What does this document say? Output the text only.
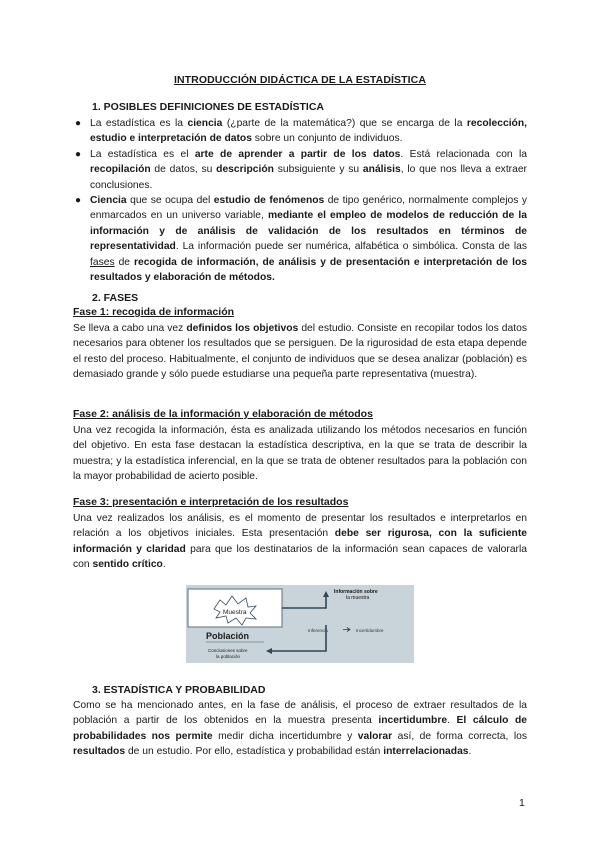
INTRODUCCIÓN DIDÁCTICA DE LA ESTADÍSTICA
1. POSIBLES DEFINICIONES DE ESTADÍSTICA
● La estadística es la ciencia (¿parte de la matemática?) que se encarga de la recolección, estudio e interpretación de datos sobre un conjunto de individuos.
● La estadística es el arte de aprender a partir de los datos. Está relacionada con la recopilación de datos, su descripción subsiguiente y su análisis, lo que nos lleva a extraer conclusiones.
● Ciencia que se ocupa del estudio de fenómenos de tipo genérico, normalmente complejos y enmarcados en un universo variable, mediante el empleo de modelos de reducción de la información y de análisis de validación de los resultados en términos de representatividad. La información puede ser numérica, alfabética o simbólica. Consta de las fases de recogida de información, de análisis y de presentación e interpretación de los resultados y elaboración de métodos.
2. FASES
Fase 1: recogida de información
Se lleva a cabo una vez definidos los objetivos del estudio. Consiste en recopilar todos los datos necesarios para obtener los resultados que se persiguen. De la rigurosidad de esta etapa depende el resto del proceso. Habitualmente, el conjunto de individuos que se desea analizar (población) es demasiado grande y sólo puede estudiarse una pequeña parte representativa (muestra).
Fase 2: análisis de la información y elaboración de métodos
Una vez recogida la información, ésta es analizada utilizando los métodos necesarios en función del objetivo. En esta fase destacan la estadística descriptiva, en la que se trata de describir la muestra; y la estadística inferencial, en la que se trata de obtener resultados para la población con la mayor probabilidad de acierto posible.
Fase 3: presentación e interpretación de los resultados
Una vez realizados los análisis, es el momento de presentar los resultados e interpretarlos en relación a los objetivos iniciales. Esta presentación debe ser rigurosa, con la suficiente información y claridad para que los destinatarios de la información sean capaces de valorarla con sentido crítico.
Muestra
Información sobre
la muestra
Inferencia	Incertidumbre
Población
Conclusiones sobre
la población
3. ESTADÍSTICA Y PROBABILIDAD
Como se ha mencionado antes, en la fase de análisis, el proceso de extraer resultados de la población a partir de los obtenidos en la muestra presenta incertidumbre. El cálculo de probabilidades nos permite medir dicha incertidumbre y valorar así, de forma correcta, los resultados de un estudio. Por ello, estadística y probabilidad están interrelacionadas.
1
